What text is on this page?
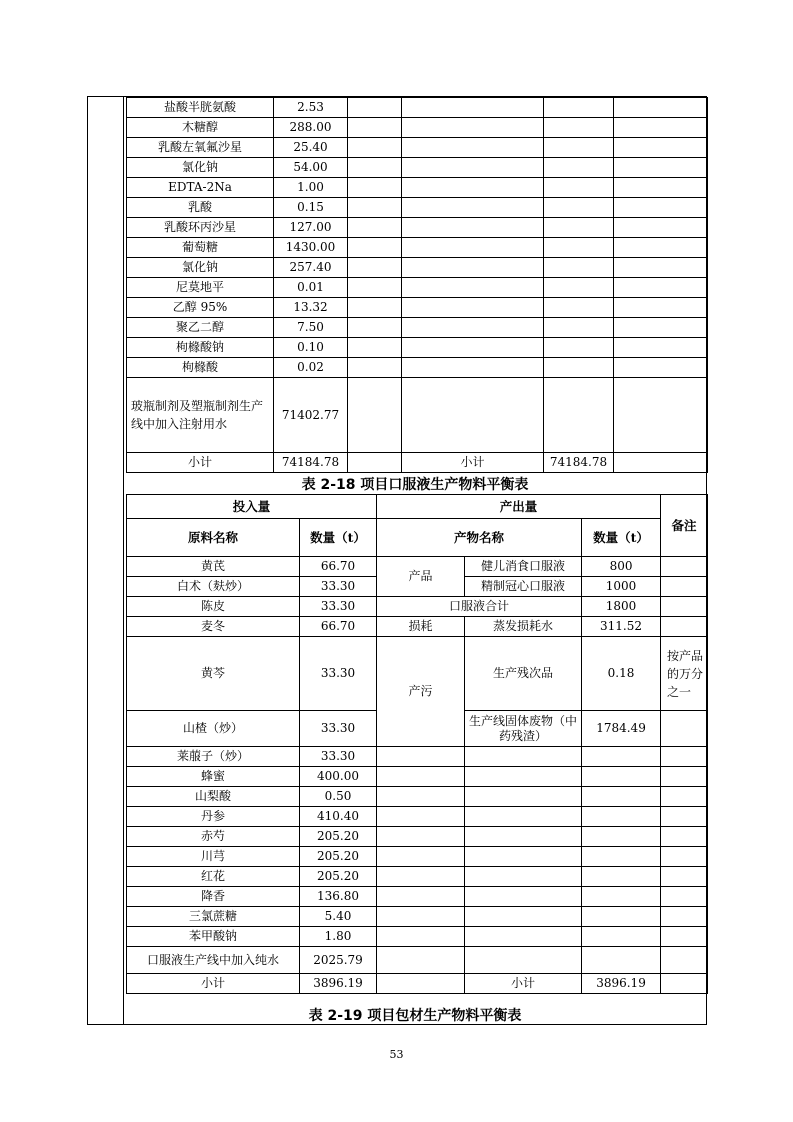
盐酸半胱氨酸	2.53				
木糖醇	288.00				
乳酸左氧氟沙星	25.40				
氯化钠	54.00				
EDTA-2Na	1.00				
乳酸	0.15				
乳酸环丙沙星	127.00				
葡萄糖	1430.00				
氯化钠	257.40				
尼莫地平	0.01				
乙醇 95%	13.32				
聚乙二醇	7.50				
枸橼酸钠	0.10				
枸橼酸	0.02				
玻瓶制剂及塑瓶制剂生产线中加入注射用水	71402.77				
小计	74184.78		小计	74184.78	
表 2-18 项目口服液生产物料平衡表
投入量		产出量			备注
原料名称	数量（t）	产物名称		数量（t）	
黄芪	66.70	产品	健儿消食口服液	800	
白术（麸炒）	33.30		精制冠心口服液	1000	
陈皮	33.30	口服液合计		1800	
麦冬	66.70	损耗	蒸发损耗水	311.52	
黄芩	33.30	产污	生产残次品	0.18	按产品的万分之一
山楂（炒）	33.30		生产线固体废物（中药残渣）	1784.49	
莱菔子（炒）	33.30				
蜂蜜	400.00				
山梨酸	0.50				
丹参	410.40				
赤芍	205.20				
川芎	205.20				
红花	205.20				
降香	136.80				
三氯蔗糖	5.40				
苯甲酸钠	1.80				
口服液生产线中加入纯水	2025.79				
小计	3896.19		小计	3896.19	
表 2-19 项目包材生产物料平衡表
53
